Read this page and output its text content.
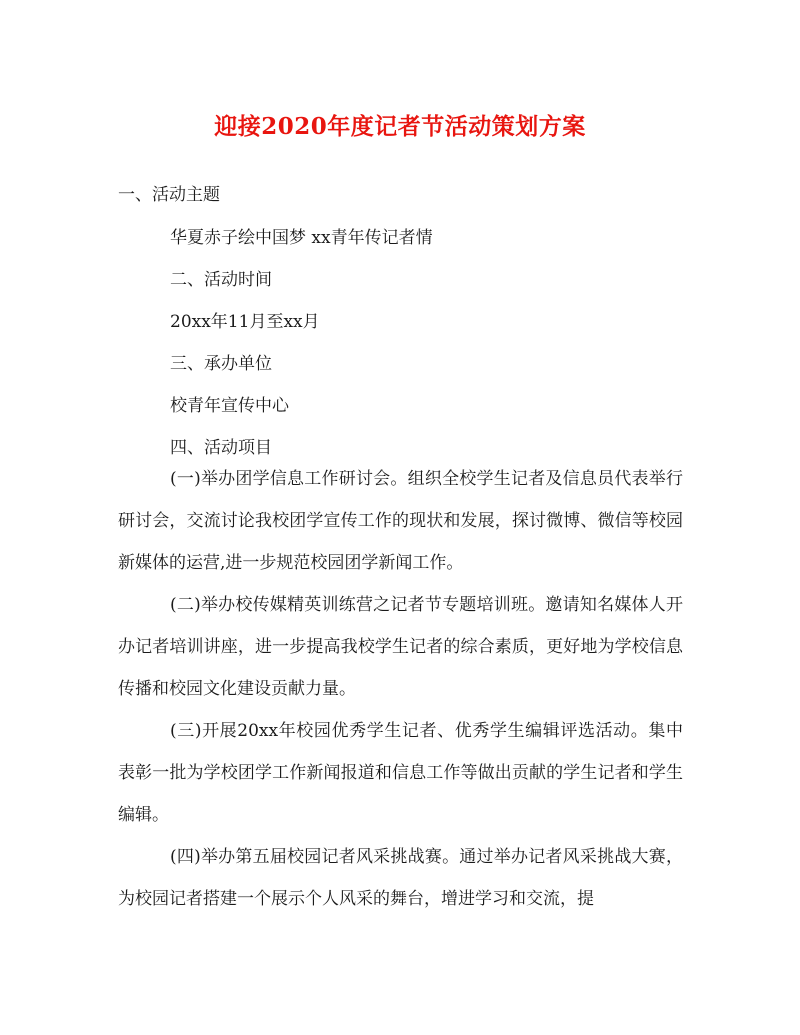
迎接2020年度记者节活动策划方案
一、活动主题
华夏赤子绘中国梦 xx青年传记者情
二、活动时间
20xx年11月至xx月
三、承办单位
校青年宣传中心
四、活动项目

(一)举办团学信息工作研讨会。组织全校学生记者及信息员代表举行研讨会，交流讨论我校团学宣传工作的现状和发展，探讨微博、微信等校园新媒体的运营,进一步规范校园团学新闻工作。

(二)举办校传媒精英训练营之记者节专题培训班。邀请知名媒体人开办记者培训讲座，进一步提高我校学生记者的综合素质，更好地为学校信息传播和校园文化建设贡献力量。

(三)开展20xx年校园优秀学生记者、优秀学生编辑评选活动。集中表彰一批为学校团学工作新闻报道和信息工作等做出贡献的学生记者和学生编辑。

(四)举办第五届校园记者风采挑战赛。通过举办记者风采挑战大赛，为校园记者搭建一个展示个人风采的舞台，增进学习和交流，提
